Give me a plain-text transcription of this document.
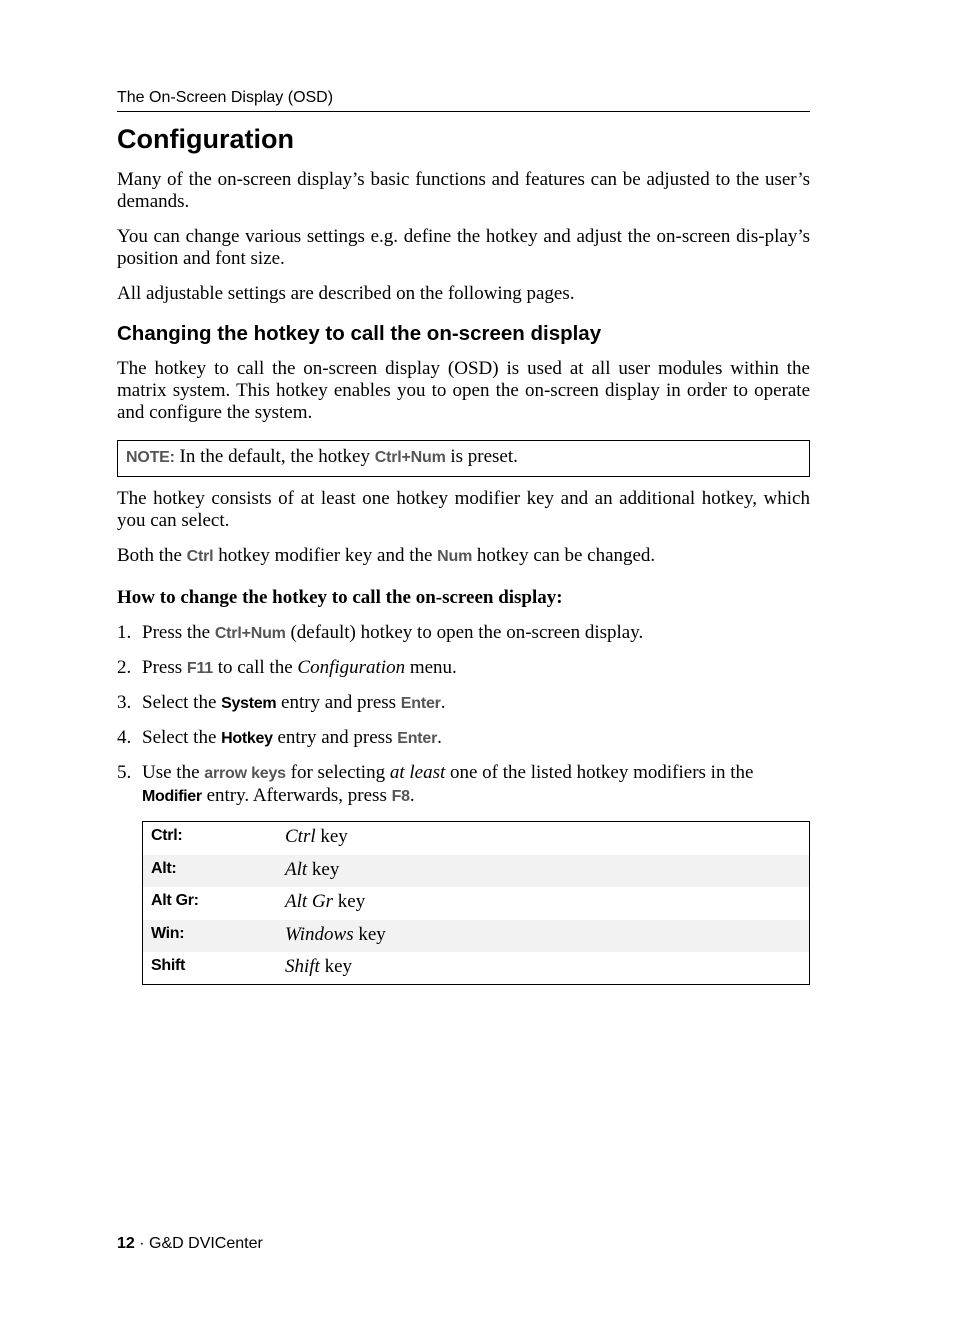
The On-Screen Display (OSD)
Configuration

Many of the on-screen display’s basic functions and features can be adjusted to the user’s demands.

You can change various settings e.g. define the hotkey and adjust the on-screen dis-play’s position and font size.

All adjustable settings are described on the following pages.

Changing the hotkey to call the on-screen display

The hotkey to call the on-screen display (OSD) is used at all user modules within the matrix system. This hotkey enables you to open the on-screen display in order to operate and configure the system.

NOTE: In the default, the hotkey Ctrl+Num is preset.

The hotkey consists of at least one hotkey modifier key and an additional hotkey, which you can select.

Both the Ctrl hotkey modifier key and the Num hotkey can be changed.

How to change the hotkey to call the on-screen display:
1. Press the Ctrl+Num (default) hotkey to open the on-screen display.
2. Press F11 to call the Configuration menu.
3. Select the System entry and press Enter.
4. Select the Hotkey entry and press Enter.
5. Use the arrow keys for selecting at least one of the listed hotkey modifiers in the
Modifier entry. Afterwards, press F8.
Ctrl:	Ctrl key
Alt:	Alt key
Alt Gr:	Alt Gr key
Win:	Windows key
Shift	Shift key
12 · G&D DVICenter
